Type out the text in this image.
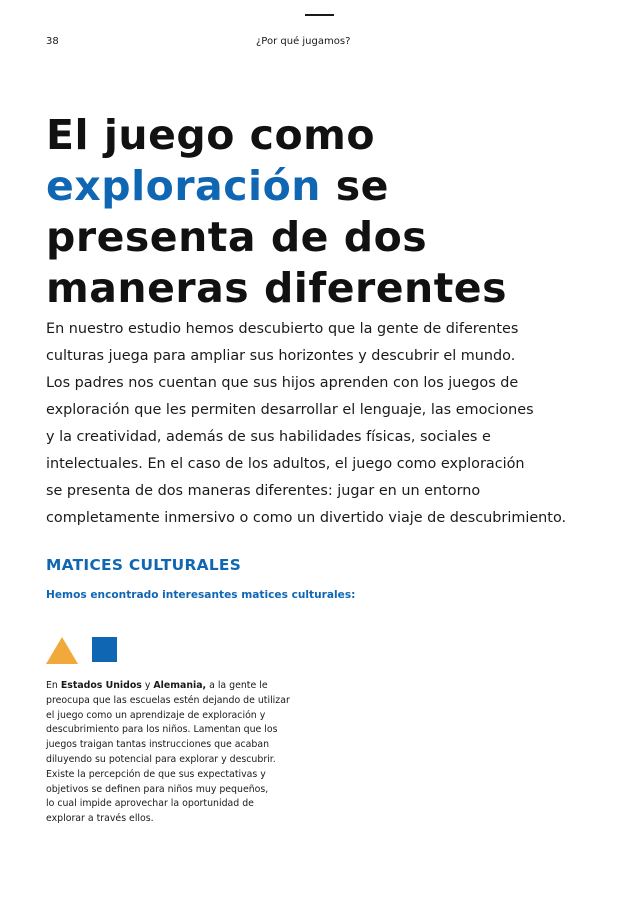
38	¿Por qué jugamos?
El juego como
exploración se
presenta de dos
maneras diferentes

En nuestro estudio hemos descubierto que la gente de diferentes
culturas juega para ampliar sus horizontes y descubrir el mundo.
Los padres nos cuentan que sus hijos aprenden con los juegos de
exploración que les permiten desarrollar el lenguaje, las emociones
y la creatividad, además de sus habilidades físicas, sociales e
intelectuales. En el caso de los adultos, el juego como exploración
se presenta de dos maneras diferentes: jugar en un entorno
completamente inmersivo o como un divertido viaje de descubrimiento.

MATICES CULTURALES

Hemos encontrado interesantes matices culturales:

En Estados Unidos y Alemania, a la gente le
preocupa que las escuelas estén dejando de utilizar
el juego como un aprendizaje de exploración y
descubrimiento para los niños. Lamentan que los
juegos traigan tantas instrucciones que acaban
diluyendo su potencial para explorar y descubrir.
Existe la percepción de que sus expectativas y
objetivos se definen para niños muy pequeños,
lo cual impide aprovechar la oportunidad de
explorar a través ellos.
